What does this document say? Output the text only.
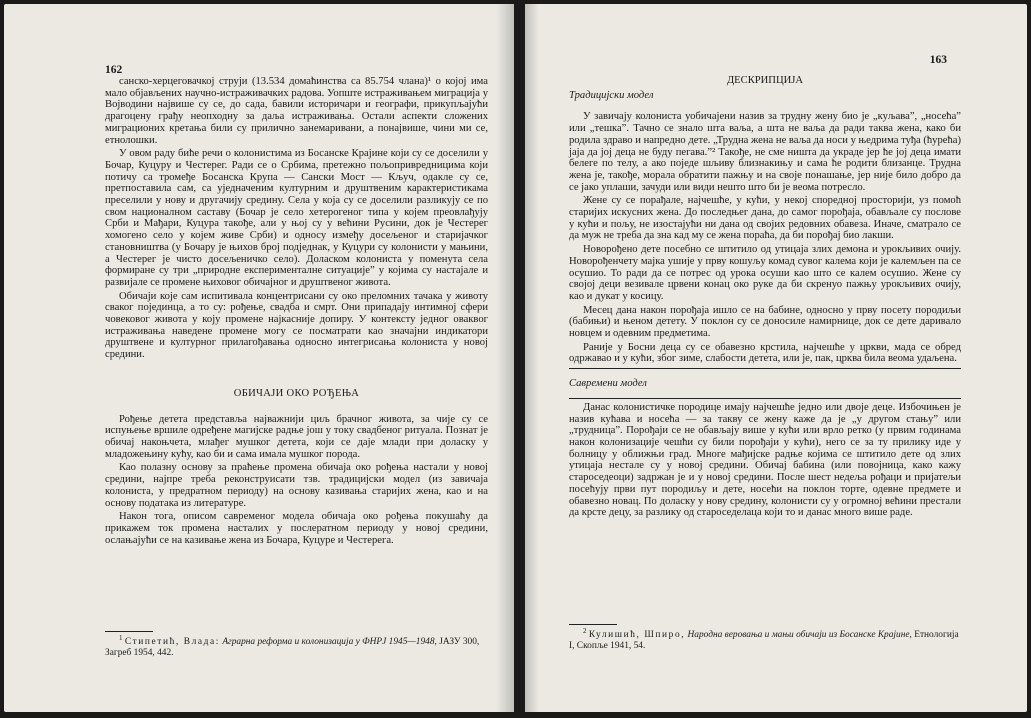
162

санско-херцеговачкој струји (13.534 домаћинства са 85.754 члана)¹ о којој има мало објављених научно-истраживачких радова. Уопште истраживањем миграција у Војводини највише су се, до сада, бавили историчари и географи, прикупљајући драгоцену грађу неопходну за даља истраживања. Остали аспекти сложених миграционих кретања били су прилично занемаривани, а понајвише, чини ми се, етнолошки.

У овом раду биће речи о колонистима из Босанске Крајине који су се доселили у Бочар, Куцуру и Честерег. Ради се о Србима, претежно пољопривредницима који потичу са тромеђе Босанска Крупа — Сански Мост — Кључ, одакле су се, претпоставила сам, са уједначеним културним и друштвеним карактеристикама преселили у нову и другачију средину. Села у која су се доселили разликују се по свом националном саставу (Бочар је село хетерогеног типа у којем преовлађују Срби и Мађари, Куцура такође, али у њој су у већини Русини, док је Честерег хомогено село у којем живе Срби) и односу између досељеног и старијачког становништва (у Бочару је њихов број подједнак, у Куцури су колонисти у мањини, а Честерег је чисто досељеничко село). Доласком колониста у поменута села формиране су три „природне експерименталне ситуације” у којима су настајале и развијале се промене њиховог обичајног и друштвеног живота.

Обичаји које сам испитивала концентрисани су око преломних тачака у животу сваког појединца, а то су: рођење, свадба и смрт. Они припадају интимној сфери човековог живота у коју промене најкасније допиру. У контексту једног оваквог истраживања наведене промене могу се посматрати као значајни индикатори друштвене и културног прилагођавања односно интегрисања колониста у новој средини.

ОБИЧАЈИ ОКО РОЂЕЊА

Рођење детета представља најважнији циљ брачног живота, за чије су се испуњење вршиле одређене магијске радње још у току свадбеног ритуала. Познат је обичај накоњчета, млађег мушког детета, који се даје млади при доласку у младожењину кућу, као би и сама имала мушког порода.

Као полазну основу за праћење промена обичаја око рођења настали у новој средини, најпре треба реконструисати тзв. традицијски модел (из завичаја колониста, у предратном периоду) на основу казивања старијих жена, као и на основу података из литературе.

Након тога, описом савременог модела обичаја око рођења покушаћу да прикажем ток промена насталих у послератном периоду у новој средини, ослањајући се на казивање жена из Бочара, Куцуре и Честерега.

$^1$ Стипетић, Влада: Аграрна реформа и колонизација у ФНРЈ 1945—1948, ЈАЗУ 300, Загреб 1954, 442.

163
ДЕСКРИПЦИЈА
Традицијски модел

У завичају колониста уобичајени назив за трудну жену био је „куљава”, „носећа” или „тешка”. Тачно се знало шта ваља, а шта не ваља да ради таква жена, како би родила здраво и напредно дете. „Трудна жена не ваља да носи у њедрима туђа (ћурећа) јаја да јој деца не буду пегава.”² Такође, не сме ништа да украде јер ће јој деца имати белеге по телу, а ако поједе шљиву близнакињу и сама ће родити близанце. Трудна жена је, такође, морала обратити пажњу и на своје понашање, јер није било добро да се јако уплаши, зачуди или види нешто што би је веома потресло.

Жене су се порађале, најчешће, у кући, у некој споредној просторији, уз помоћ старијих искусних жена. До последњег дана, до самог порођаја, обављале су послове у кући и пољу, не изостајући ни дана од својих редовних обавеза. Иначе, сматрало се да муж не треба да зна кад му се жена пораћа, да би порођај био лакши.

Новорођено дете посебно се штитило од утицаја злих демона и урокљивих очију. Новорођенчету мајка ушије у прву кошуљу комад сувог калема који је калемљен па се осушио. То ради да се потрес од урока осуши као што се калем осушио. Жене су својој деци везивале црвени конац око руке да би скренуо пажњу урокљивих очију, као и дукат у косицу.

Месец дана након порођаја ишло се на бабине, односно у прву посету породиљи (бабињи) и њеном детету. У поклон су се доносиле намирнице, док се дете даривало новцем и одевним предметима.

Раније у Босни деца су се обавезно крстила, најчешће у цркви, мада се обред одржавао и у кући, због зиме, слабости детета, или је, пак, црква била веома удаљена.

Савремени модел

Данас колонистичке породице имају најчешће једно или двоје деце. Избочињен је назив кућава и носећа — за такву се жену каже да је „у другом стању” или „трудница”. Порођаји се не обављају више у кући или врло ретко (у првим годинама након колонизације чешћи су били порођаји у кући), него се за ту прилику иде у болницу у оближњи град. Многе мађијске радње којима се штитило дете од злих утицаја нестале су у новој средини. Обичај бабина (или повојница, како кажу староседеоци) задржан је и у новој средини. После шест недеља рођаци и пријатељи посећују први пут породиљу и дете, носећи на поклон торте, одевне предмете и обавезно новац. По доласку у нову средину, колонисти су у огромној већини престали да крсте децу, за разлику од староседелаца који то и данас много више раде.

$^2$ Кулишић, Шпиро, Народна веровања и мањи обичаји из Босанске Крајине, Етнологија I, Скопље 1941, 54.
